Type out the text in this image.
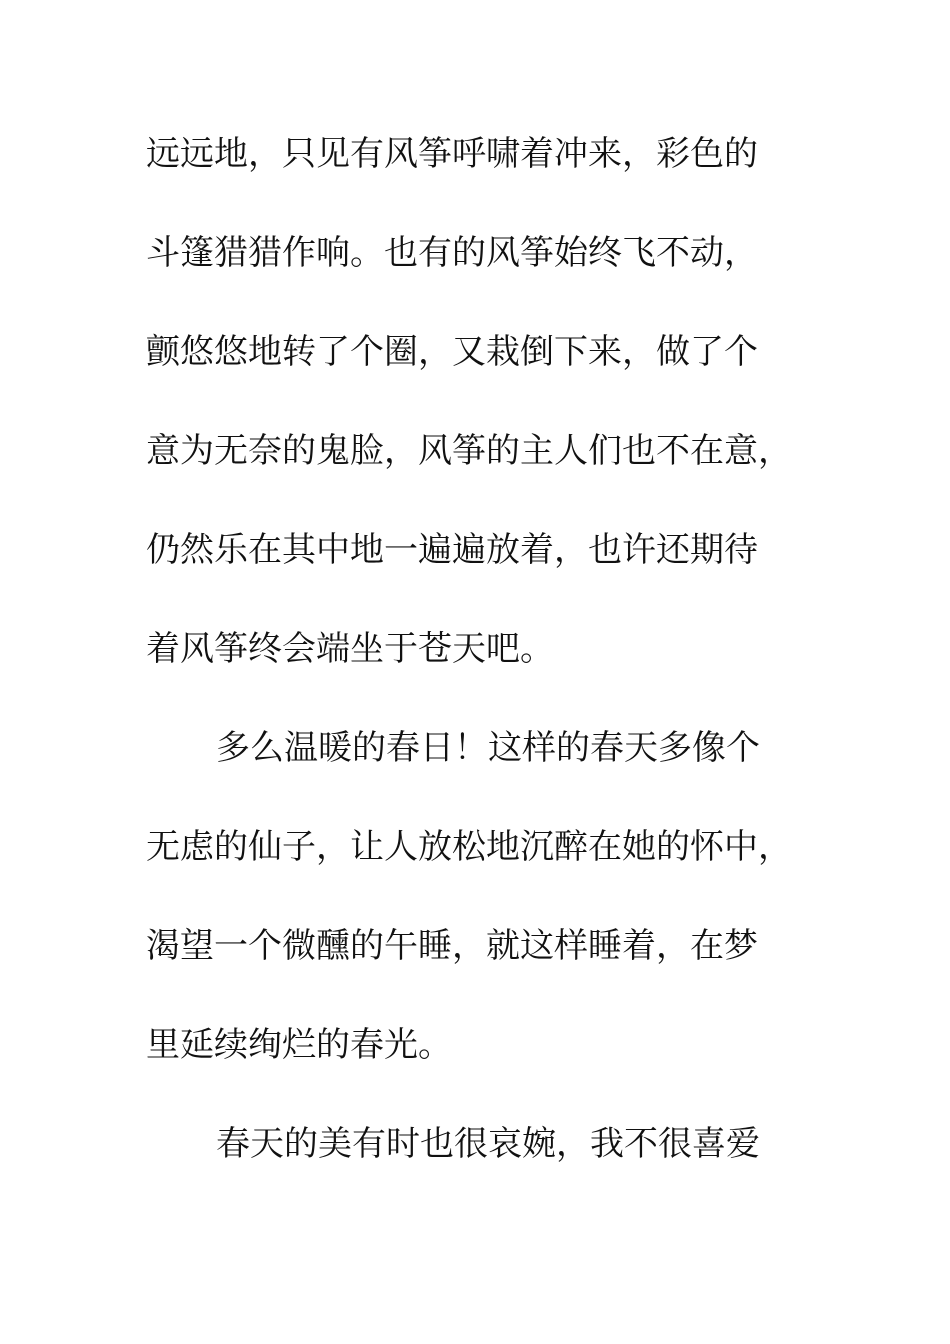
远远地，只见有风筝呼啸着冲来，彩色的
斗篷猎猎作响。也有的风筝始终飞不动，
颤悠悠地转了个圈，又栽倒下来，做了个
意为无奈的鬼脸，风筝的主人们也不在意，
仍然乐在其中地一遍遍放着，也许还期待
着风筝终会端坐于苍天吧。
多么温暖的春日！这样的春天多像个
无虑的仙子，让人放松地沉醉在她的怀中，
渴望一个微醺的午睡，就这样睡着，在梦
里延续绚烂的春光。
春天的美有时也很哀婉，我不很喜爱
